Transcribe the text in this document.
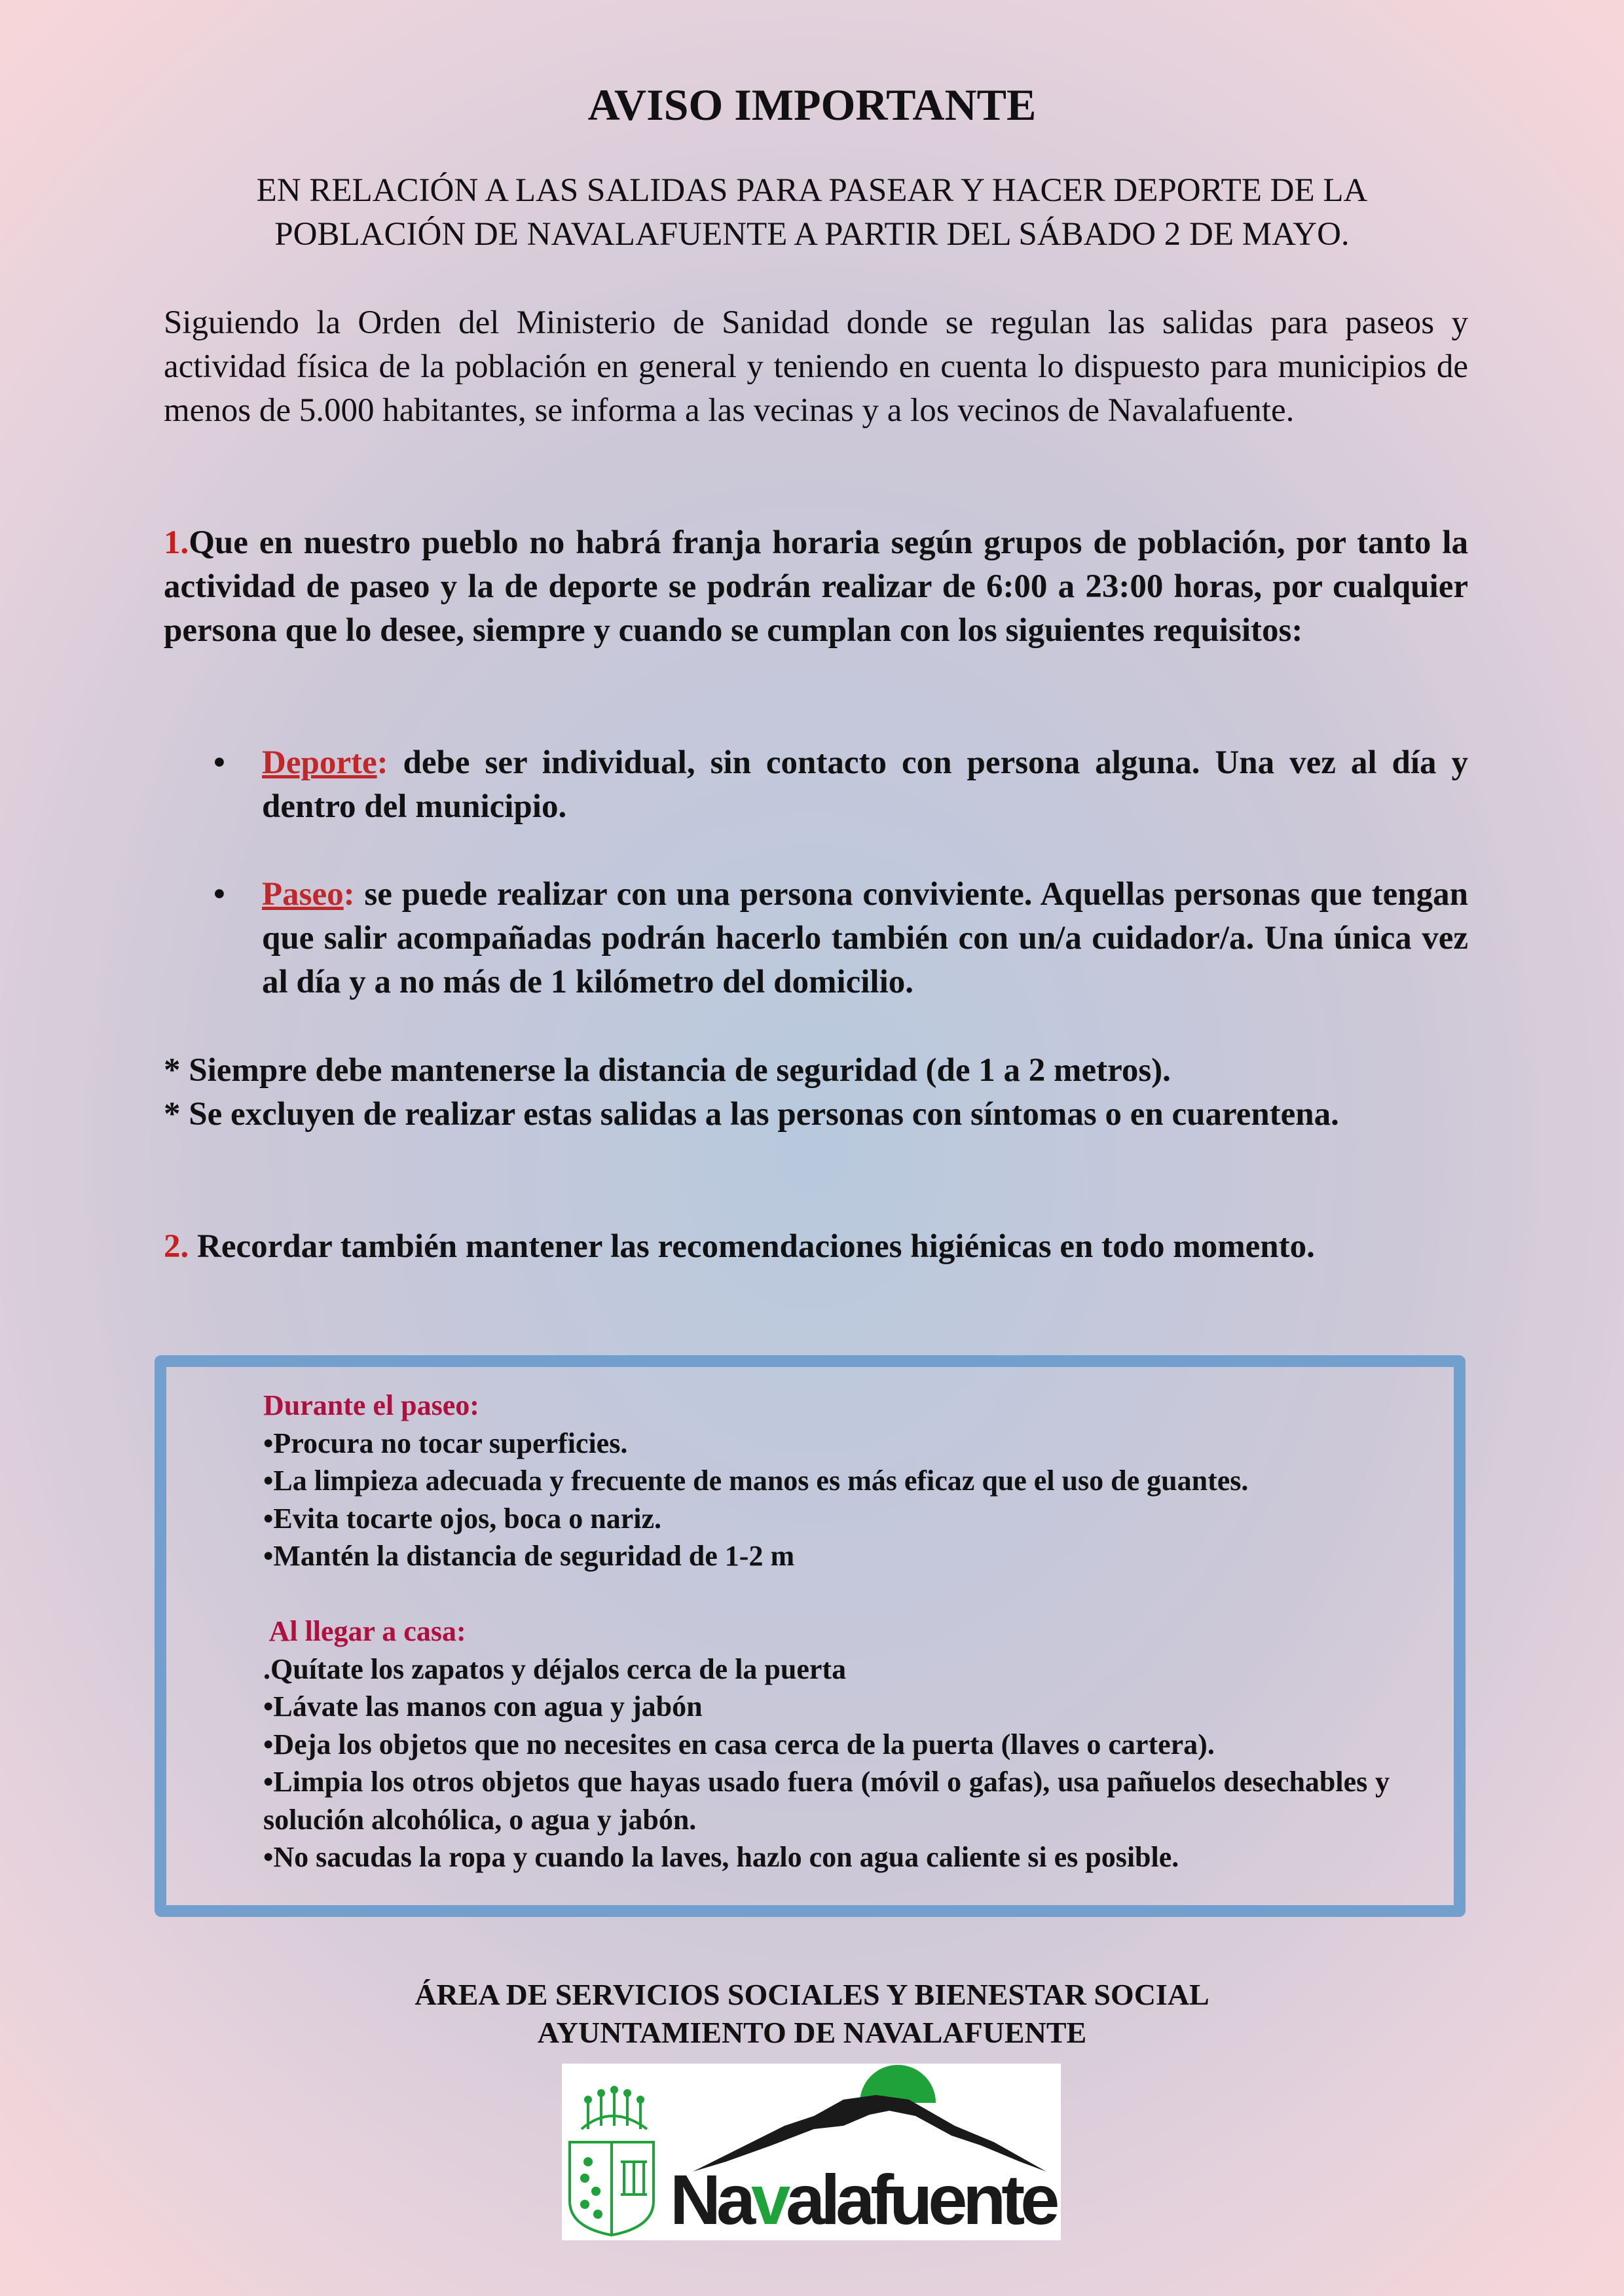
AVISO IMPORTANTE
EN RELACIÓN A LAS SALIDAS PARA PASEAR Y HACER DEPORTE DE LA
POBLACIÓN DE NAVALAFUENTE A PARTIR DEL SÁBADO 2 DE MAYO.
Siguiendo la Orden del Ministerio de Sanidad donde se regulan las salidas para paseos y actividad física de la población en general y teniendo en cuenta lo dispuesto para municipios de menos de 5.000 habitantes, se informa a las vecinas y a los vecinos de Navalafuente.
1.Que en nuestro pueblo no habrá franja horaria según grupos de población, por tanto la actividad de paseo y la de deporte se podrán realizar de 6:00 a 23:00 horas, por cualquier persona que lo desee, siempre y cuando se cumplan con los siguientes requisitos:
• Deporte: debe ser individual, sin contacto con persona alguna. Una vez al día y dentro del municipio.
• Paseo: se puede realizar con una persona conviviente. Aquellas personas que tengan que salir acompañadas podrán hacerlo también con un/a cuidador/a. Una única vez al día y a no más de 1 kilómetro del domicilio.
* Siempre debe mantenerse la distancia de seguridad (de 1 a 2 metros).
* Se excluyen de realizar estas salidas a las personas con síntomas o en cuarentena.
2. Recordar también mantener las recomendaciones higiénicas en todo momento.
Durante el paseo:
•Procura no tocar superficies.
•La limpieza adecuada y frecuente de manos es más eficaz que el uso de guantes.
•Evita tocarte ojos, boca o nariz.
•Mantén la distancia de seguridad de 1-2 m
Al llegar a casa:
.Quítate los zapatos y déjalos cerca de la puerta
•Lávate las manos con agua y jabón
•Deja los objetos que no necesites en casa cerca de la puerta (llaves o cartera).
•Limpia los otros objetos que hayas usado fuera (móvil o gafas), usa pañuelos desechables y solución alcohólica, o agua y jabón.
•No sacudas la ropa y cuando la laves, hazlo con agua caliente si es posible.
ÁREA DE SERVICIOS SOCIALES Y BIENESTAR SOCIAL
AYUNTAMIENTO DE NAVALAFUENTE
Navalafuente
